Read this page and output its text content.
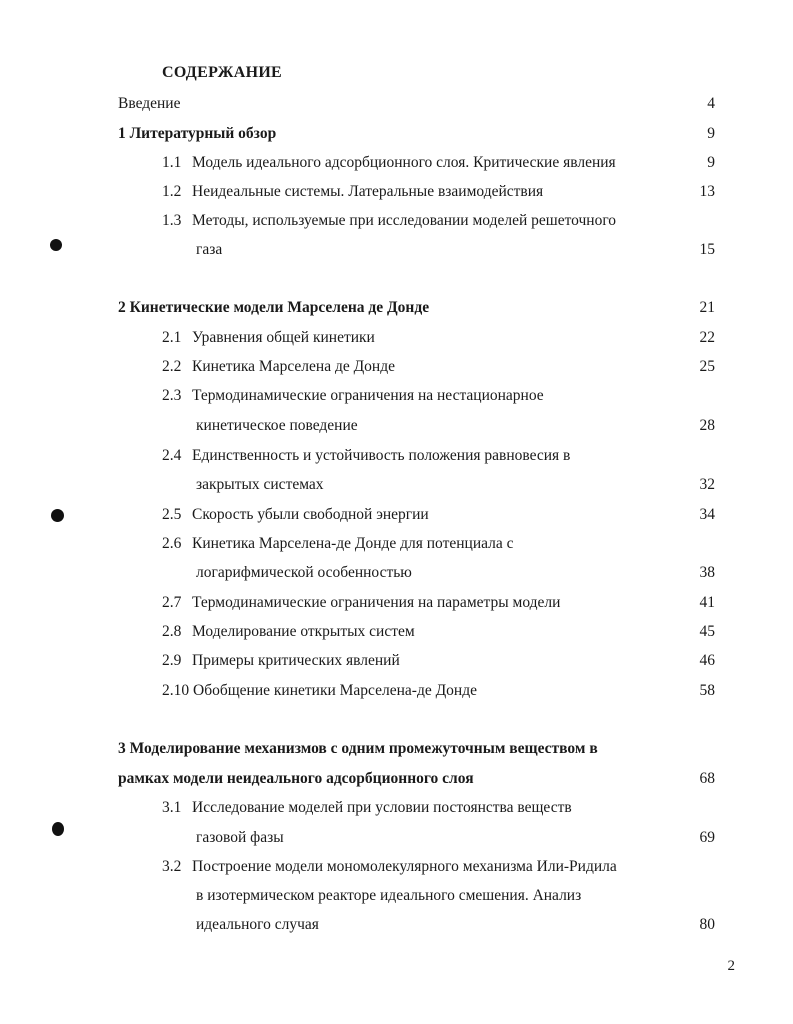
СОДЕРЖАНИЕ
Введение	4
1 Литературный обзор	9
1.1 Модель идеального адсорбционного слоя. Критические явления	9
1.2 Неидеальные системы. Латеральные взаимодействия	13
1.3 Методы, используемые при исследовании моделей решеточного
газа	15
2 Кинетические модели Марселена де Донде	21
2.1 Уравнения общей кинетики	22
2.2 Кинетика Марселена де Донде	25
2.3 Термодинамические ограничения на нестационарное
кинетическое поведение	28
2.4 Единственность и устойчивость положения равновесия в
закрытых системах	32
2.5 Скорость убыли свободной энергии	34
2.6 Кинетика Марселена-де Донде для потенциала с
логарифмической особенностью	38
2.7 Термодинамические ограничения на параметры модели	41
2.8 Моделирование открытых систем	45
2.9 Примеры критических явлений	46
2.10 Обобщение кинетики Марселена-де Донде	58
3 Моделирование механизмов с одним промежуточным веществом в
рамках модели неидеального адсорбционного слоя	68
3.1 Исследование моделей при условии постоянства веществ
газовой фазы	69
3.2 Построение модели мономолекулярного механизма Или-Ридила
в изотермическом реакторе идеального смешения. Анализ
идеального случая	80
2
